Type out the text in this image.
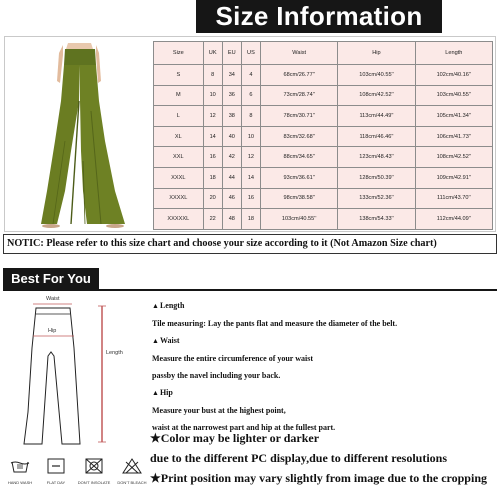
Size Information
Size	UK	EU	US	Waist	Hip	Length
S	8	34	4	68cm/26.77''	103cm/40.55''	102cm/40.16''
M	10	36	6	73cm/28.74''	108cm/42.52''	103cm/40.55''
L	12	38	8	78cm/30.71''	113cm/44.49''	105cm/41.34''
XL	14	40	10	83cm/32.68''	118cm/46.46''	106cm/41.73''
XXL	16	42	12	88cm/34.65''	123cm/48.43''	108cm/42.52''
XXXL	18	44	14	93cm/36.61''	128cm/50.39''	109cm/42.91''
XXXXL	20	46	16	98cm/38.58''	133cm/52.36''	111cm/43.70''
XXXXXL	22	48	18	103cm/40.55''	138cm/54.33''	112cm/44.09''
NOTIC: Please refer to this size chart and choose your size according to it (Not Amazon Size chart)
Best For You
Waist
Hip
Length
HAND WASH	FLAT DAY	DON'T INSOLATE	DON'T BLEACH
▲ Length
Tile measuring: Lay the pants flat and measure the diameter of the belt.
▲ Waist
Measure the entire circumference of your waist
passby the navel including your back.
▲ Hip
Measure your bust at the highest point,
waist at the narrowest part and hip at the fullest part.
★Color may be lighter or darker
due to the different PC display,due to different resolutions
★Print position may vary slightly from image due to the cropping
